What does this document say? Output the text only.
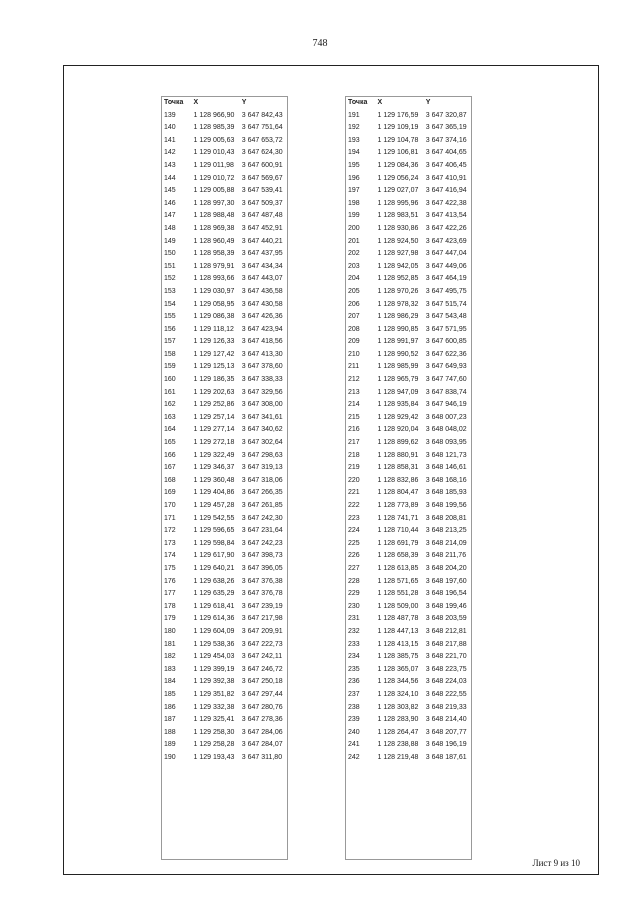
748
Точка	X	Y
139	1 128 966,90	3 647 842,43
140	1 128 985,39	3 647 751,64
141	1 129 005,63	3 647 653,72
142	1 129 010,43	3 647 624,30
143	1 129 011,98	3 647 600,91
144	1 129 010,72	3 647 569,67
145	1 129 005,88	3 647 539,41
146	1 128 997,30	3 647 509,37
147	1 128 988,48	3 647 487,48
148	1 128 969,38	3 647 452,91
149	1 128 960,49	3 647 440,21
150	1 128 958,39	3 647 437,95
151	1 128 979,91	3 647 434,34
152	1 128 993,66	3 647 443,07
153	1 129 030,97	3 647 436,58
154	1 129 058,95	3 647 430,58
155	1 129 086,38	3 647 426,36
156	1 129 118,12	3 647 423,94
157	1 129 126,33	3 647 418,56
158	1 129 127,42	3 647 413,30
159	1 129 125,13	3 647 378,60
160	1 129 186,35	3 647 338,33
161	1 129 202,63	3 647 329,56
162	1 129 252,86	3 647 308,00
163	1 129 257,14	3 647 341,61
164	1 129 277,14	3 647 340,62
165	1 129 272,18	3 647 302,64
166	1 129 322,49	3 647 298,63
167	1 129 346,37	3 647 319,13
168	1 129 360,48	3 647 318,06
169	1 129 404,86	3 647 266,35
170	1 129 457,28	3 647 261,85
171	1 129 542,55	3 647 242,30
172	1 129 596,65	3 647 231,64
173	1 129 598,84	3 647 242,23
174	1 129 617,90	3 647 398,73
175	1 129 640,21	3 647 396,05
176	1 129 638,26	3 647 376,38
177	1 129 635,29	3 647 376,78
178	1 129 618,41	3 647 239,19
179	1 129 614,36	3 647 217,98
180	1 129 604,09	3 647 209,91
181	1 129 538,36	3 647 222,73
182	1 129 454,03	3 647 242,11
183	1 129 399,19	3 647 246,72
184	1 129 392,38	3 647 250,18
185	1 129 351,82	3 647 297,44
186	1 129 332,38	3 647 280,76
187	1 129 325,41	3 647 278,36
188	1 129 258,30	3 647 284,06
189	1 129 258,28	3 647 284,07
190	1 129 193,43	3 647 311,80
Точка	X	Y
191	1 129 176,59	3 647 320,87
192	1 129 109,19	3 647 365,19
193	1 129 104,78	3 647 374,16
194	1 129 106,81	3 647 404,65
195	1 129 084,36	3 647 406,45
196	1 129 056,24	3 647 410,91
197	1 129 027,07	3 647 416,94
198	1 128 995,96	3 647 422,38
199	1 128 983,51	3 647 413,54
200	1 128 930,86	3 647 422,26
201	1 128 924,50	3 647 423,69
202	1 128 927,98	3 647 447,04
203	1 128 942,05	3 647 449,06
204	1 128 952,85	3 647 464,19
205	1 128 970,26	3 647 495,75
206	1 128 978,32	3 647 515,74
207	1 128 986,29	3 647 543,48
208	1 128 990,85	3 647 571,95
209	1 128 991,97	3 647 600,85
210	1 128 990,52	3 647 622,36
211	1 128 985,99	3 647 649,93
212	1 128 965,79	3 647 747,60
213	1 128 947,09	3 647 838,74
214	1 128 935,84	3 647 946,19
215	1 128 929,42	3 648 007,23
216	1 128 920,04	3 648 048,02
217	1 128 899,62	3 648 093,95
218	1 128 880,91	3 648 121,73
219	1 128 858,31	3 648 146,61
220	1 128 832,86	3 648 168,16
221	1 128 804,47	3 648 185,93
222	1 128 773,89	3 648 199,56
223	1 128 741,71	3 648 208,81
224	1 128 710,44	3 648 213,25
225	1 128 691,79	3 648 214,09
226	1 128 658,39	3 648 211,76
227	1 128 613,85	3 648 204,20
228	1 128 571,65	3 648 197,60
229	1 128 551,28	3 648 196,54
230	1 128 509,00	3 648 199,46
231	1 128 487,78	3 648 203,59
232	1 128 447,13	3 648 212,81
233	1 128 413,15	3 648 217,88
234	1 128 385,75	3 648 221,70
235	1 128 365,07	3 648 223,75
236	1 128 344,56	3 648 224,03
237	1 128 324,10	3 648 222,55
238	1 128 303,82	3 648 219,33
239	1 128 283,90	3 648 214,40
240	1 128 264,47	3 648 207,77
241	1 128 238,88	3 648 196,19
242	1 128 219,48	3 648 187,61
Лист 9 из 10
